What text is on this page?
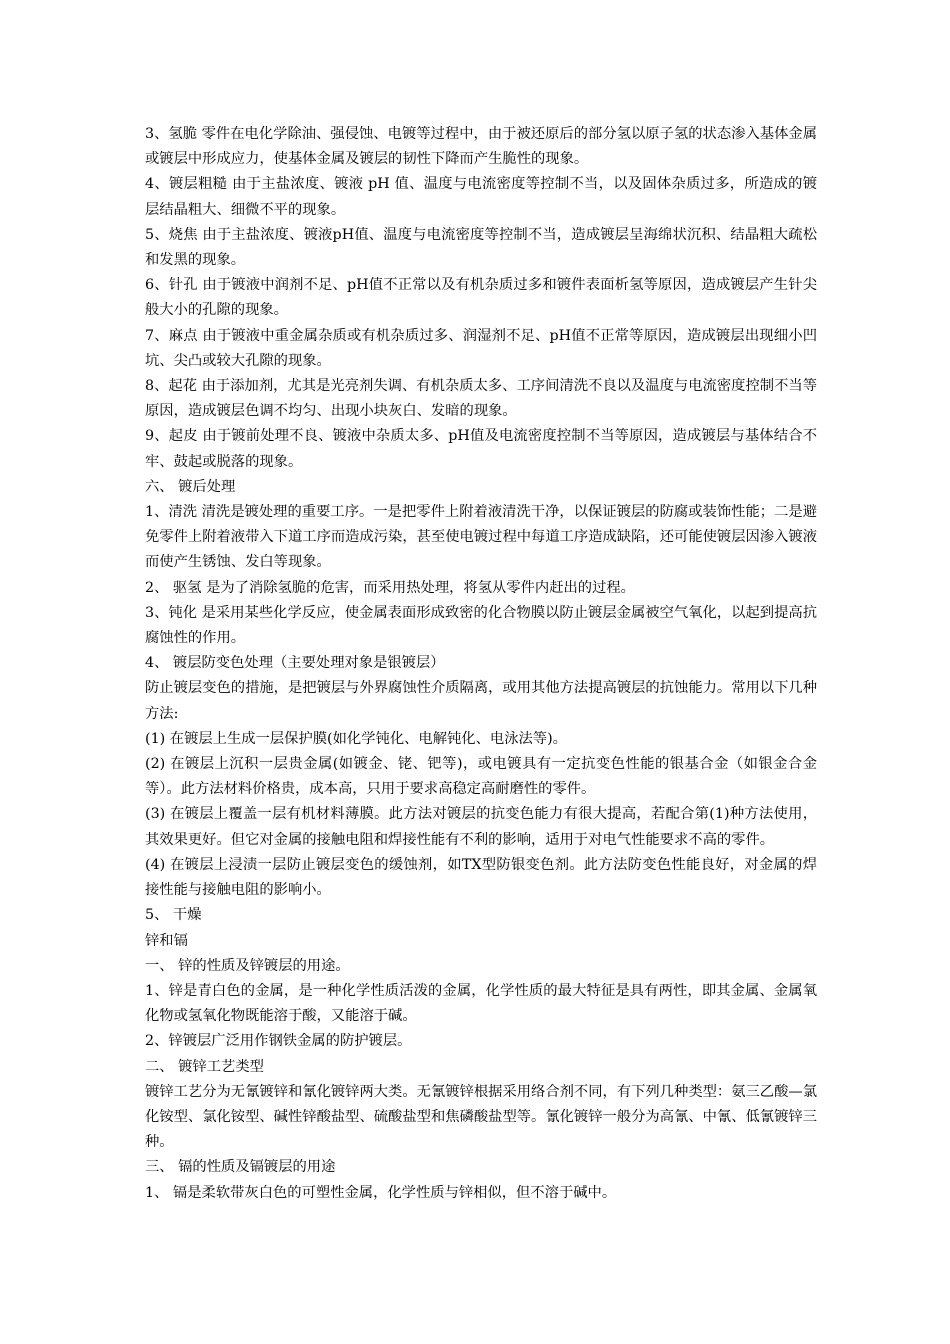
3、氢脆 零件在电化学除油、强侵蚀、电镀等过程中，由于被还原后的部分氢以原子氢的状态渗入基体金属或镀层中形成应力，使基体金属及镀层的韧性下降而产生脆性的现象。

4、镀层粗糙 由于主盐浓度、镀液 pH 值、温度与电流密度等控制不当，以及固体杂质过多，所造成的镀层结晶粗大、细微不平的现象。

5、烧焦 由于主盐浓度、镀液pH值、温度与电流密度等控制不当，造成镀层呈海绵状沉积、结晶粗大疏松和发黑的现象。

6、针孔 由于镀液中润剂不足、pH值不正常以及有机杂质过多和镀件表面析氢等原因，造成镀层产生针尖般大小的孔隙的现象。

7、麻点 由于镀液中重金属杂质或有机杂质过多、润湿剂不足、pH值不正常等原因，造成镀层出现细小凹坑、尖凸或较大孔隙的现象。

8、起花 由于添加剂，尤其是光亮剂失调、有机杂质太多、工序间清洗不良以及温度与电流密度控制不当等原因，造成镀层色调不均匀、出现小块灰白、发暗的现象。

9、起皮 由于镀前处理不良、镀液中杂质太多、pH值及电流密度控制不当等原因，造成镀层与基体结合不牢、鼓起或脱落的现象。

六、 镀后处理

1、清洗 清洗是镀处理的重要工序。一是把零件上附着液清洗干净，以保证镀层的防腐或装饰性能；二是避免零件上附着液带入下道工序而造成污染，甚至使电镀过程中每道工序造成缺陷，还可能使镀层因渗入镀液而使产生锈蚀、发白等现象。

2、 驱氢 是为了消除氢脆的危害，而采用热处理，将氢从零件内赶出的过程。

3、钝化 是采用某些化学反应，使金属表面形成致密的化合物膜以防止镀层金属被空气氧化，以起到提高抗腐蚀性的作用。

4、 镀层防变色处理（主要处理对象是银镀层）

防止镀层变色的措施，是把镀层与外界腐蚀性介质隔离，或用其他方法提高镀层的抗蚀能力。常用以下几种方法:

(1) 在镀层上生成一层保护膜(如化学钝化、电解钝化、电泳法等)。

(2) 在镀层上沉积一层贵金属(如镀金、铑、钯等)，或电镀具有一定抗变色性能的银基合金（如银金合金等）。此方法材料价格贵，成本高，只用于要求高稳定高耐磨性的零件。

(3) 在镀层上覆盖一层有机材料薄膜。此方法对镀层的抗变色能力有很大提高，若配合第(1)种方法使用，其效果更好。但它对金属的接触电阻和焊接性能有不利的影响，适用于对电气性能要求不高的零件。

(4) 在镀层上浸渍一层防止镀层变色的缓蚀剂，如TX型防银变色剂。此方法防变色性能良好，对金属的焊接性能与接触电阻的影响小。

5、 干燥

锌和镉

一、 锌的性质及锌镀层的用途。

1、锌是青白色的金属，是一种化学性质活泼的金属，化学性质的最大特征是具有两性，即其金属、金属氧化物或氢氧化物既能溶于酸，又能溶于碱。

2、锌镀层广泛用作钢铁金属的防护镀层。

二、 镀锌工艺类型

镀锌工艺分为无氰镀锌和氰化镀锌两大类。无氰镀锌根据采用络合剂不同，有下列几种类型：氨三乙酸—氯化铵型、氯化铵型、碱性锌酸盐型、硫酸盐型和焦磷酸盐型等。氰化镀锌一般分为高氰、中氰、低氰镀锌三种。

三、 镉的性质及镉镀层的用途

1、 镉是柔软带灰白色的可塑性金属，化学性质与锌相似，但不溶于碱中。
